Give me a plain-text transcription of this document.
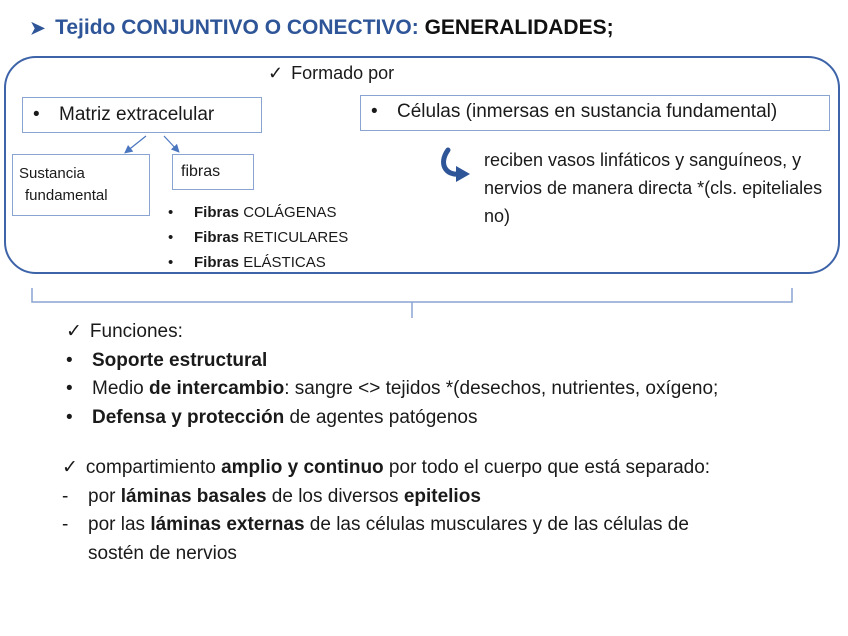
➤ Tejido CONJUNTIVO O CONECTIVO: GENERALIDADES;
✓ Formado por
• Matriz extracelular	• Células (inmersas en sustancia fundamental)
Sustancia
fundamental
fibras
• Fibras COLÁGENAS
• Fibras RETICULARES
• Fibras ELÁSTICAS
reciben vasos linfáticos y sanguíneos, y nervios de manera directa *(cls. epiteliales no)
✓ Funciones:
• Soporte estructural
• Medio de intercambio: sangre <> tejidos *(desechos, nutrientes, oxígeno;
• Defensa y protección de agentes patógenos
✓ compartimiento amplio y continuo por todo el cuerpo que está separado:
- por láminas basales de los diversos epitelios
- por las láminas externas de las células musculares y de las células de
sostén de nervios
